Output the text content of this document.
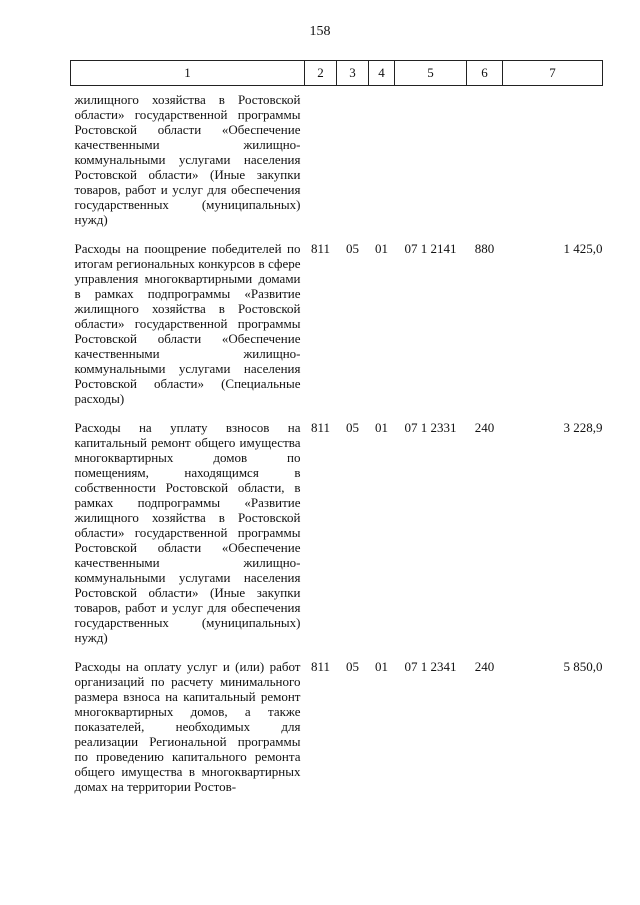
158
1	2	3	4	5	6	7
жилищного хозяйства в Ростовской области» государственной программы Ростовской области «Обеспечение качественными жилищно-коммунальными услугами населения Ростовской области» (Иные закупки товаров, работ и услуг для обеспечения государственных (муниципальных) нужд)						
Расходы на поощрение победителей по итогам региональных конкурсов в сфере управления многоквартирными домами в рамках подпрограммы «Развитие жилищного хозяйства в Ростовской области» государственной программы Ростовской области «Обеспечение качественными жилищно-коммунальными услугами населения Ростовской области» (Специальные расходы)	811	05	01	07 1 2141	880	1 425,0
Расходы на уплату взносов на капитальный ремонт общего имущества многоквартирных домов по помещениям, находящимся в собственности Ростовской области, в рамках подпрограммы «Развитие жилищного хозяйства в Ростовской области» государственной программы Ростовской области «Обеспечение качественными жилищно-коммунальными услугами населения Ростовской области» (Иные закупки товаров, работ и услуг для обеспечения государственных (муниципальных) нужд)	811	05	01	07 1 2331	240	3 228,9
Расходы на оплату услуг и (или) работ организаций по расчету минимального размера взноса на капитальный ремонт многоквартирных домов, а также показателей, необходимых для реализации Региональной программы по проведению капитального ремонта общего имущества в многоквартирных домах на территории Ростов-	811	05	01	07 1 2341	240	5 850,0
